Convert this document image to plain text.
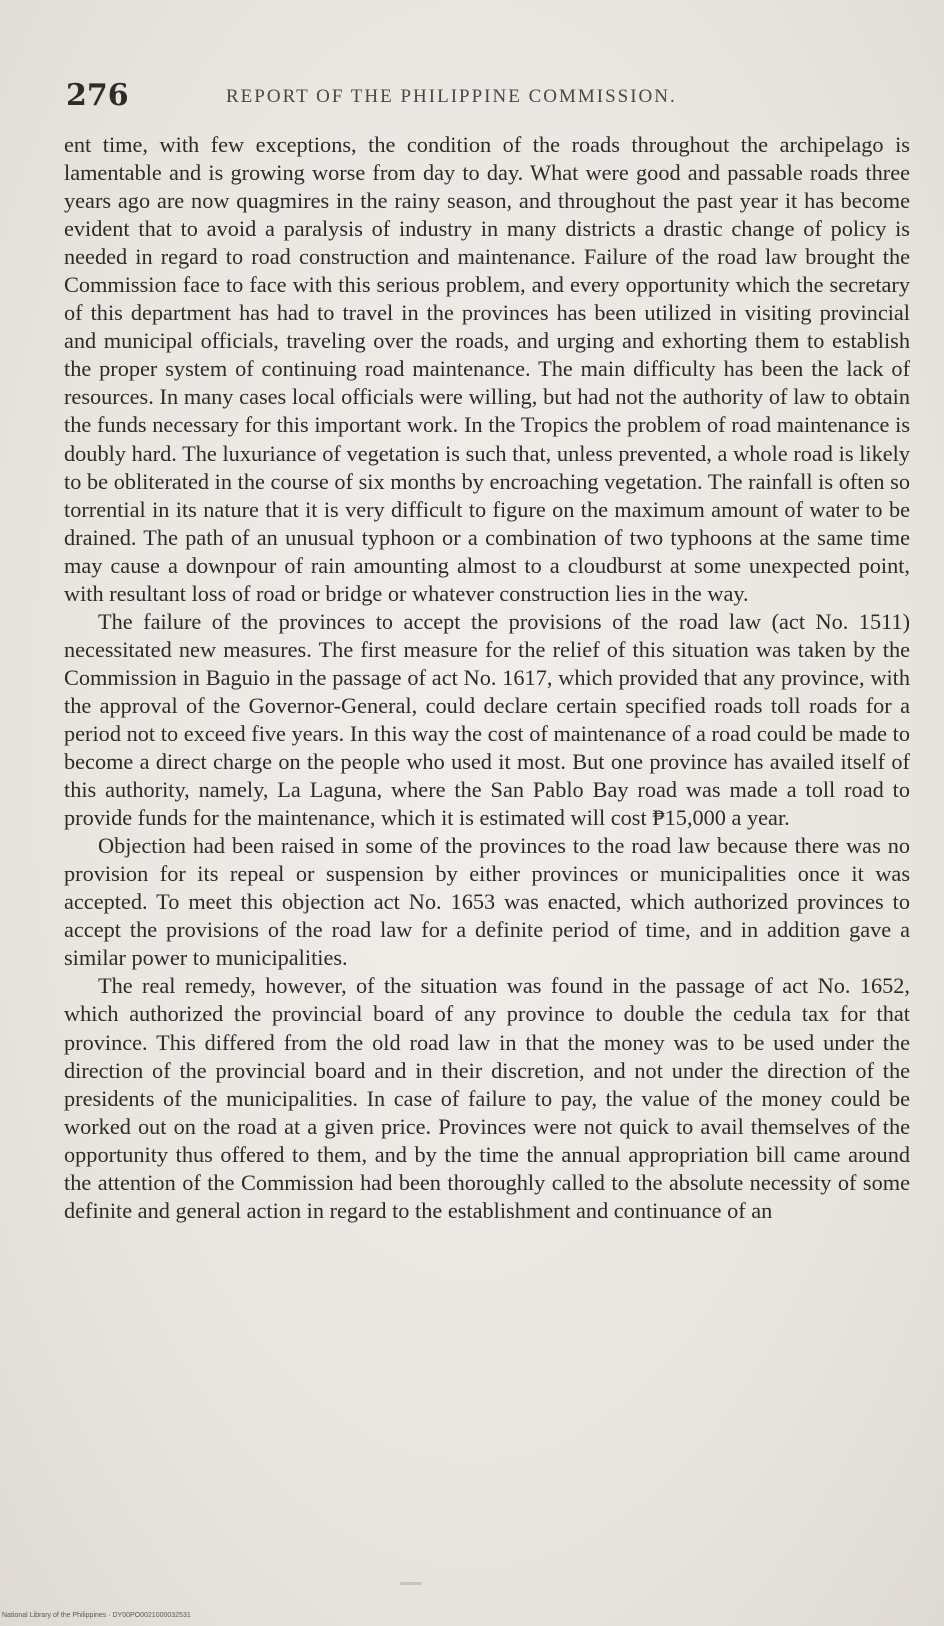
276	REPORT OF THE PHILIPPINE COMMISSION.

ent time, with few exceptions, the condition of the roads throughout the archipelago is lamentable and is growing worse from day to day. What were good and passable roads three years ago are now quagmires in the rainy season, and throughout the past year it has become evident that to avoid a paralysis of industry in many districts a drastic change of policy is needed in regard to road construction and maintenance. Failure of the road law brought the Commission face to face with this serious problem, and every opportunity which the secretary of this department has had to travel in the provinces has been utilized in visiting provincial and municipal officials, traveling over the roads, and urging and exhorting them to establish the proper system of continuing road maintenance. The main difficulty has been the lack of resources. In many cases local officials were willing, but had not the authority of law to obtain the funds necessary for this important work. In the Tropics the problem of road maintenance is doubly hard. The luxuriance of vegetation is such that, unless prevented, a whole road is likely to be obliterated in the course of six months by encroaching vegetation. The rainfall is often so torrential in its nature that it is very difficult to figure on the maximum amount of water to be drained. The path of an unusual typhoon or a combination of two typhoons at the same time may cause a downpour of rain amounting almost to a cloudburst at some unexpected point, with resultant loss of road or bridge or whatever construction lies in the way.

The failure of the provinces to accept the provisions of the road law (act No. 1511) necessitated new measures. The first measure for the relief of this situation was taken by the Commission in Baguio in the passage of act No. 1617, which provided that any province, with the approval of the Governor-General, could declare certain specified roads toll roads for a period not to exceed five years. In this way the cost of maintenance of a road could be made to become a direct charge on the people who used it most. But one province has availed itself of this authority, namely, La Laguna, where the San Pablo Bay road was made a toll road to provide funds for the maintenance, which it is estimated will cost ₱15,000 a year.

Objection had been raised in some of the provinces to the road law because there was no provision for its repeal or suspension by either provinces or municipalities once it was accepted. To meet this objection act No. 1653 was enacted, which authorized provinces to accept the provisions of the road law for a definite period of time, and in addition gave a similar power to municipalities.

The real remedy, however, of the situation was found in the passage of act No. 1652, which authorized the provincial board of any province to double the cedula tax for that province. This differed from the old road law in that the money was to be used under the direction of the provincial board and in their discretion, and not under the direction of the presidents of the municipalities. In case of failure to pay, the value of the money could be worked out on the road at a given price. Provinces were not quick to avail themselves of the opportunity thus offered to them, and by the time the annual appropriation bill came around the attention of the Commission had been thoroughly called to the absolute necessity of some definite and general action in regard to the establishment and continuance of an

National Library of the Philippines · DY00PO0021000032531
